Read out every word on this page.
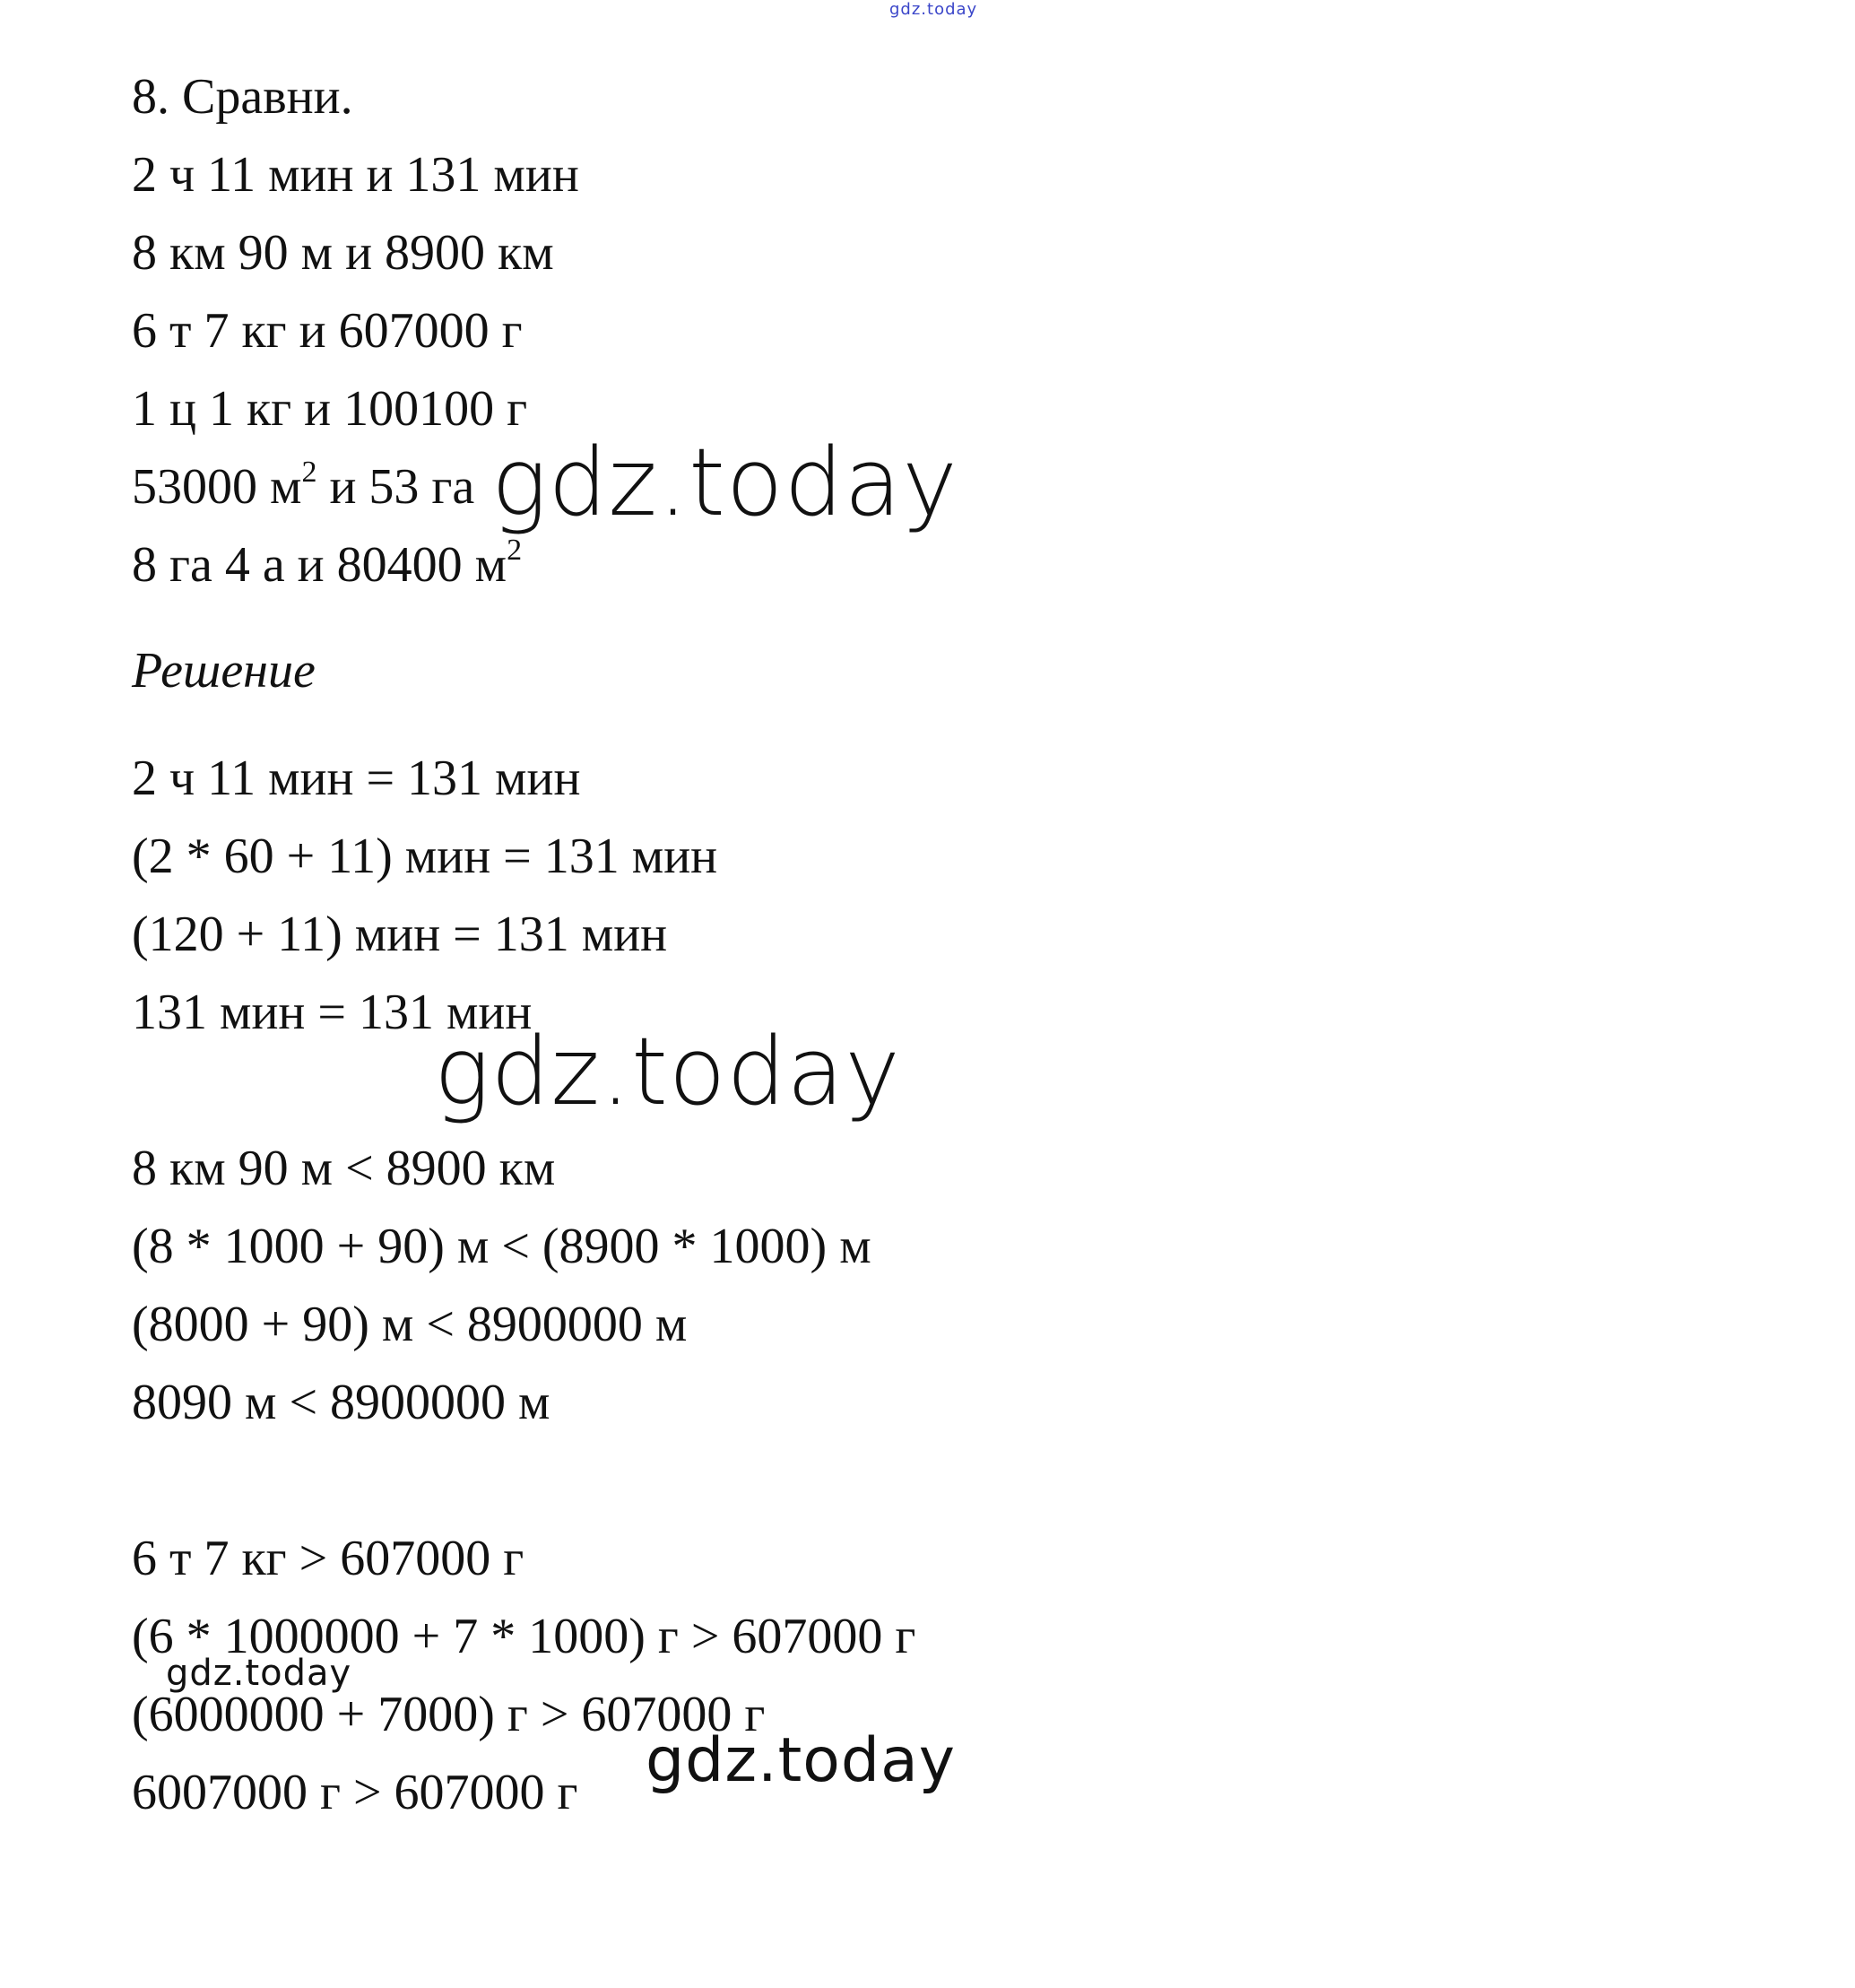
gdz.today
8. Сравни.
2 ч 11 мин и 131 мин
8 км 90 м и 8900 км
6 т 7 кг и 607000 г
1 ц 1 кг и 100100 г
53000 $м^2$ и 53 га
8 га 4 а и 80400 $м^2$
Решение
2 ч 11 мин = 131 мин
(2 * 60 + 11) мин = 131 мин
(120 + 11) мин = 131 мин
131 мин = 131 мин
8 км 90 м < 8900 км
(8 * 1000 + 90) м < (8900 * 1000) м
(8000 + 90) м < 8900000 м
8090 м < 8900000 м
6 т 7 кг > 607000 г
(6 * 1000000 + 7 * 1000) г > 607000 г
(6000000 + 7000) г > 607000 г
6007000 г > 607000 г
gdz.today
gdz.today
gdz.today
gdz.today
